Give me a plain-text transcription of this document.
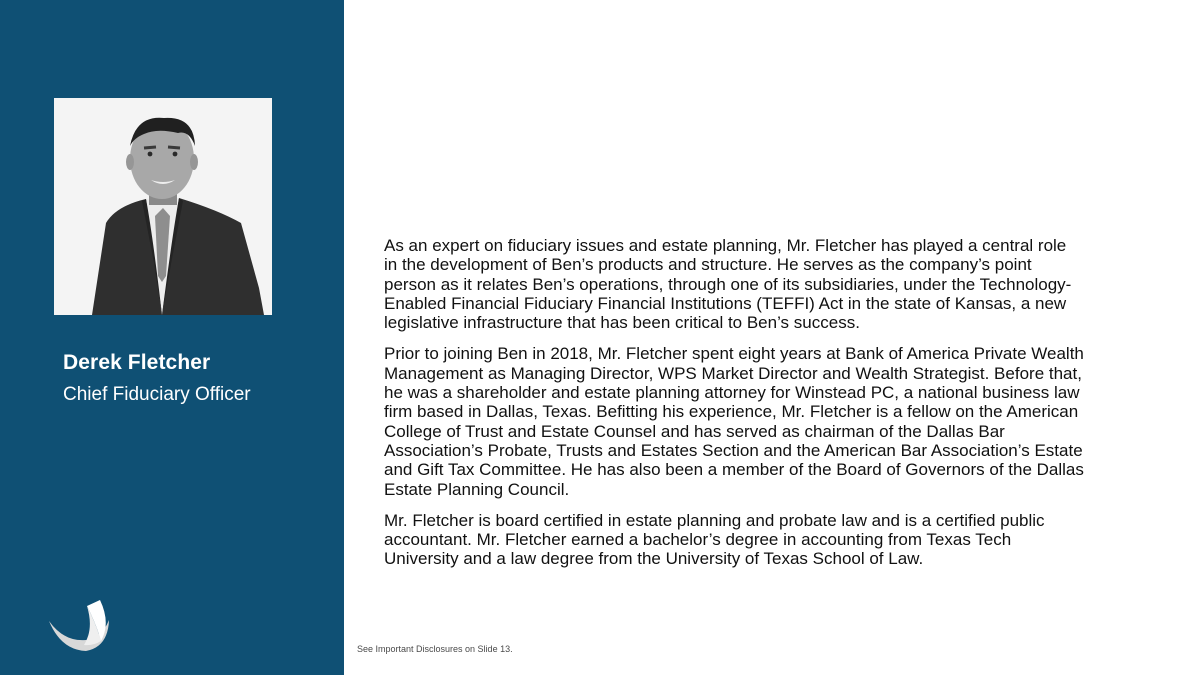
Derek Fletcher
Chief Fiduciary Officer

As an expert on fiduciary issues and estate planning, Mr. Fletcher has played a central role in the development of Ben’s products and structure. He serves as the company’s point person as it relates Ben’s operations, through one of its subsidiaries, under the Technology-Enabled Financial Fiduciary Financial Institutions (TEFFI) Act in the state of Kansas, a new legislative infrastructure that has been critical to Ben’s success.

Prior to joining Ben in 2018, Mr. Fletcher spent eight years at Bank of America Private Wealth Management as Managing Director, WPS Market Director and Wealth Strategist. Before that, he was a shareholder and estate planning attorney for Winstead PC, a national business law firm based in Dallas, Texas. Befitting his experience, Mr. Fletcher is a fellow on the American College of Trust and Estate Counsel and has served as chairman of the Dallas Bar Association’s Probate, Trusts and Estates Section and the American Bar Association’s Estate and Gift Tax Committee. He has also been a member of the Board of Governors of the Dallas Estate Planning Council.

Mr. Fletcher is board certified in estate planning and probate law and is a certified public accountant. Mr. Fletcher earned a bachelor’s degree in accounting from Texas Tech University and a law degree from the University of Texas School of Law.

See Important Disclosures on Slide 13.
